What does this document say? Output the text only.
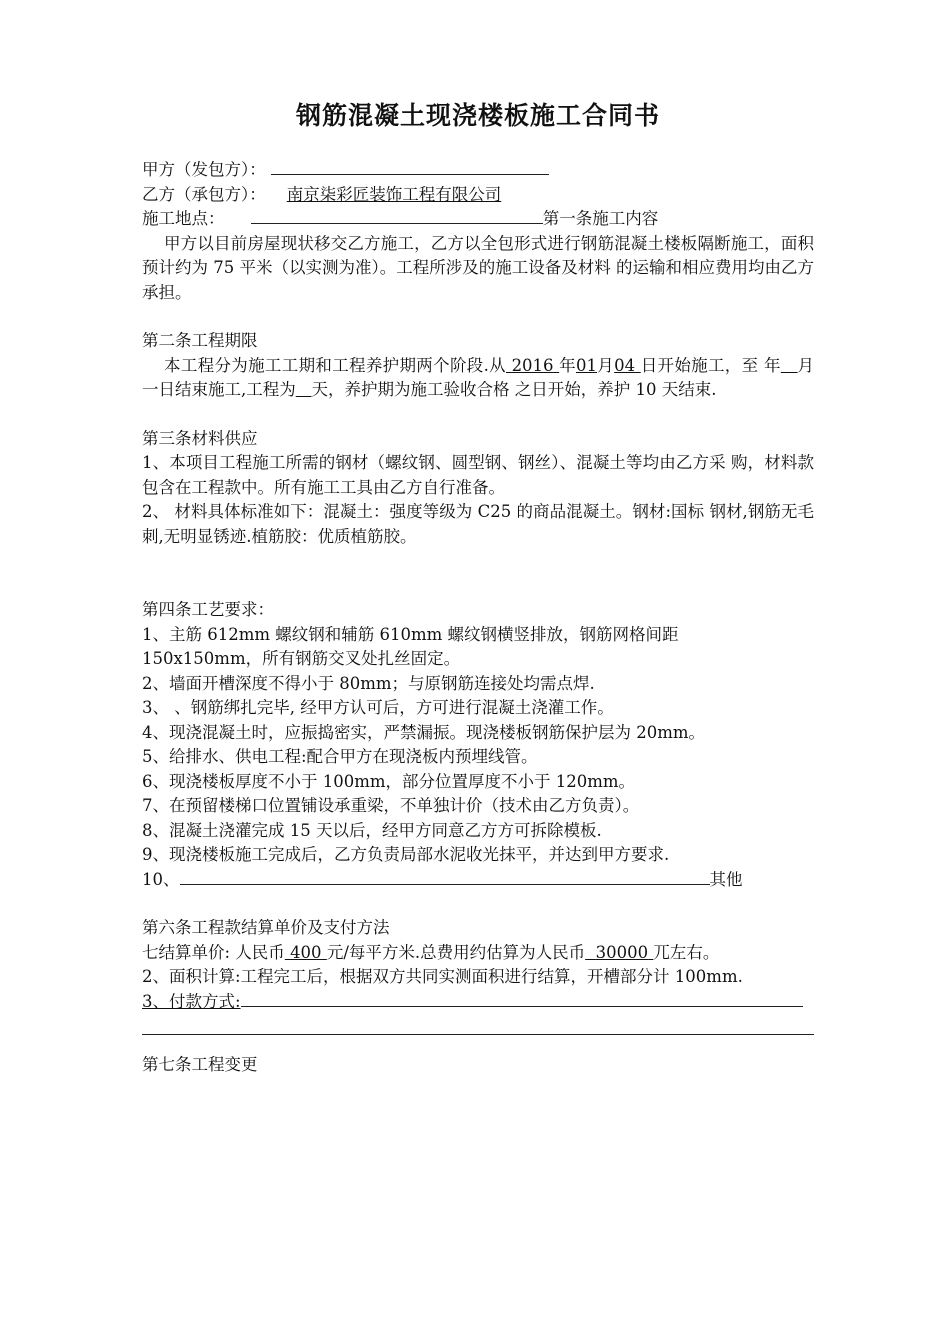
钢筋混凝土现浇楼板施工合同书

甲方（发包方）：

乙方（承包方）： 南京柒彩匠装饰工程有限公司

施工地点：	第一条施工内容

甲方以目前房屋现状移交乙方施工，乙方以全包形式进行钢筋混凝土楼板隔断施工，面积预计约为 75 平米（以实测为准）。工程所涉及的施工设备及材料 的运输和相应费用均由乙方承担。

第二条工程期限

本工程分为施工工期和工程养护期两个阶段.从 2016 年01月04 日开始施工，至 年 月一日结束施工,工程为 天，养护期为施工验收合格 之日开始，养护 10 天结束.

第三条材料供应

1、本项目工程施工所需的钢材（螺纹钢、圆型钢、钢丝）、混凝土等均由乙方采 购，材料款包含在工程款中。所有施工工具由乙方自行准备。

2、 材料具体标准如下：混凝土：强度等级为 C25 的商品混凝土。钢材:国标 钢材,钢筋无毛刺,无明显锈迹.植筋胶：优质植筋胶。

第四条工艺要求：

1、主筋 612mm 螺纹钢和辅筋 610mm 螺纹钢横竖排放，钢筋网格间距

150x150mm，所有钢筋交叉处扎丝固定。

2、墙面开槽深度不得小于 80mm；与原钢筋连接处均需点焊.

3、 、钢筋绑扎完毕, 经甲方认可后，方可进行混凝土浇灌工作。

4、现浇混凝土时，应振捣密实，严禁漏振。现浇楼板钢筋保护层为 20mm。

5、给排水、供电工程:配合甲方在现浇板内预埋线管。

6、现浇楼板厚度不小于 100mm，部分位置厚度不小于 120mm。

7、在预留楼梯口位置铺设承重梁，不单独计价（技术由乙方负责）。

8、混凝土浇灌完成 15 天以后，经甲方同意乙方方可拆除模板.

9、现浇楼板施工完成后，乙方负责局部水泥收光抹平，并达到甲方要求.

10、	其他

第六条工程款结算单价及支付方法

七结算单价: 人民币 400 元/每平方米.总费用约估算为人民币 30000 兀左右。

2、面积计算:工程完工后，根据双方共同实测面积进行结算，开槽部分计 100mm.

3、付款方式:

第七条工程变更
